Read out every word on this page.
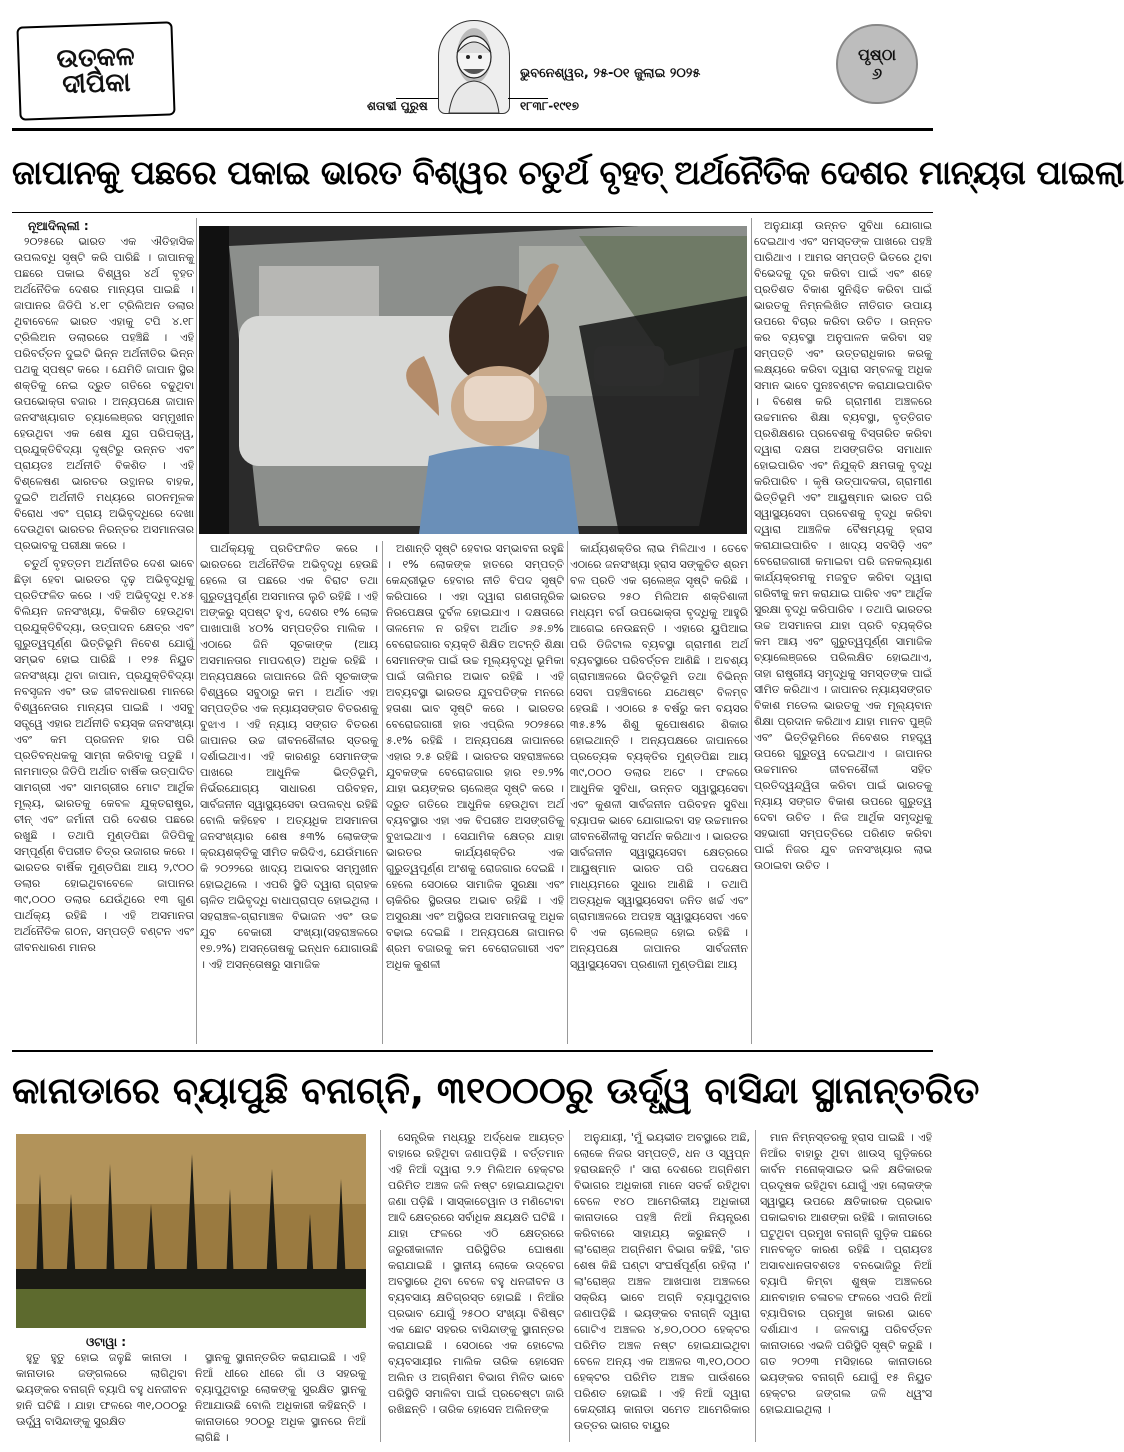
ଉତ୍କଳ ଦୀପିକା	ଭୁବନେଶ୍ୱର, ୨୫-୦୧ ଜୁଲାଇ ୨୦୨୫
ଶତାବ୍ଦୀ ପୁରୁଷ	୧୮୩୮-୧୯୧୭
ପୃଷ୍ଠା
୬
ଜାପାନକୁ ପଛରେ ପକାଇ ଭାରତ ବିଶ୍ୱର ଚତୁର୍ଥ ବୃହତ୍ ଅର୍ଥନୈତିକ ଦେଶର ମାନ୍ୟତା ପାଇଲା
ନୂଆଦିଲ୍ଲୀ :

୨୦୨୫ରେ ଭାରତ ଏକ ଐତିହାସିକ ଉପଲବ୍ଧି ସୃଷ୍ଟି କରି ପାରିଛି । ଜାପାନକୁ ପଛରେ ପକାଇ ବିଶ୍ୱର ୪ର୍ଥ ବୃହତ ଅର୍ଥନୈତିକ ଦେଶର ମାନ୍ୟତା ପାଇଛି । ଜାପାନର ଜିଡିପି ୪.୧୮ ଟ୍ରିଲିଅନ ଡଲାର ଥିବାବେଳେ ଭାରତ ଏହାକୁ ଟପି ୪.୧୮ ଟ୍ରିଲିଅନ ଡଲାରରେ ପହଞ୍ଚିଛି । ଏହି ପରିବର୍ତ୍ତନ ଦୁଇଟି ଭିନ୍ନ ଅର୍ଥନୀତିର ଭିନ୍ନ ପଥକୁ ସ୍ପଷ୍ଟ କରେ । ଯେମିତି ଜାପାନ ସ୍ଥିର ଶକ୍ତିକୁ ନେଇ ଦ୍ରୁତ ଗତିରେ ବଢୁଥିବା ଉପଭୋକ୍ତା ବଜାର । ଅନ୍ୟପକ୍ଷେ ଜାପାନ ଜନସଂଖ୍ୟାଗତ ଚ୍ୟାଲେଞ୍ଜର ସମ୍ମୁଖୀନ ହେଉଥିବା ଏକ ଶେଷ ଯୁଗ ପରିପକ୍ୱ, ପ୍ରଯୁକ୍ତିବିଦ୍ୟା ଦୃଷ୍ଟିରୁ ଉନ୍ନତ ଏବଂ ପ୍ରାୟତଃ ଅର୍ଥନୀତି ବିକଶିତ । ଏହି ବିଶ୍ଳେଷଣ ଭାରତର ଉତ୍ଥାନର ବାହକ, ଦୁଇଟି ଅର୍ଥନୀତି ମଧ୍ୟରେ ଗଠନମୂଳକ ବିରୋଧ ଏବଂ ପ୍ରାୟ ଅଭିବୃଦ୍ଧିରେ ଦେଖା ଦେଉଥିବା ଭାରତର ନିରନ୍ତର ଅସମାନତାର ପ୍ରଭାବକୁ ପରୀକ୍ଷା କରେ ।

ଚତୁର୍ଥ ବୃହତ୍ତମ ଅର୍ଥନୀତିର ଦେଶ ଭାବେ ଛିଡ଼ା ହେବା ଭାରତର ଦୃଢ଼ ଅଭିବୃଦ୍ଧିକୁ ପ୍ରତିଫଳିତ କରେ । ଏହି ଅଭିବୃଦ୍ଧି ୧.୪୫ ବିଲିୟନ ଜନସଂଖ୍ୟା, ବିକଶିତ ହେଉଥିବା ପ୍ରଯୁକ୍ତିବିଦ୍ୟା, ଉତ୍ପାଦନ କ୍ଷେତ୍ର ଏବଂ ଗୁରୁତ୍ୱପୂର୍ଣ୍ଣ ଭିତ୍ତିଭୂମି ନିବେଶ ଯୋଗୁଁ ସମ୍ଭବ ହୋଇ ପାରିଛି । ୧୨୫ ନିୟୁତ ଜନସଂଖ୍ୟା ଥିବା ଜାପାନ, ପ୍ରଯୁକ୍ତିବିଦ୍ୟା ନବସୃଜନ ଏବଂ ଉଚ୍ଚ ଜୀବନଧାରଣ ମାନରେ ବିଶ୍ୱନେତାର ମାନ୍ୟତା ପାଇଛି । ଏସବୁ ସତ୍ତ୍ୱେ ଏହାର ଅର୍ଥନୀତି ବୟସ୍କ ଜନସଂଖ୍ୟା ଏବଂ କମ ପ୍ରଜନନ ହାର ପରି ପ୍ରତିବନ୍ଧକକୁ ସାମ୍ନା କରିବାକୁ ପଡୁଛି । ନାମମାତ୍ର ଜିଡିପି ଅର୍ଥାତ ବାର୍ଷିକ ଉତ୍ପାଦିତ ସାମଗ୍ରୀ ଏବଂ ସାମଗ୍ରୀର ମୋଟ ଆର୍ଥିକ ମୂଲ୍ୟ, ଭାରତକୁ କେବଳ ଯୁକ୍ତରାଷ୍ଟ୍ର, ଚୀନ୍ ଏବଂ ଜର୍ମାନୀ ପରି ଦେଶର ପଛରେ ରଖୁଛି । ତଥାପି ମୁଣ୍ଡପିଛା ଜିଡିପିକୁ ସମ୍ପୂର୍ଣ୍ଣ ବିପରୀତ ଚିତ୍ର ଉଜାଗର କରେ । ଭାରତର ବାର୍ଷିକ ମୁଣ୍ଡପିଛା ଆୟ ୨,୯୦୦ ଡଲାର ହୋଇଥିବାବେଳେ ଜାପାନର ୩୯,୦୦୦ ଡଲାର ଯେଉଁଥିରେ ୧୩ ଗୁଣ ପାର୍ଥକ୍ୟ ରହିଛି । ଏହି ଅସମାନତା ଅର୍ଥନୈତିକ ଗଠନ, ସମ୍ପତ୍ତି ବଣ୍ଟନ ଏବଂ ଜୀବନଧାରଣ ମାନର

ପାର୍ଥକ୍ୟକୁ ପ୍ରତିଫଳିତ କରେ । ଭାରତରେ ଅର୍ଥନୈତିକ ଅଭିବୃଦ୍ଧି ହେଉଛି ହେଲେ ତା ପଛରେ ଏକ ବିରାଟ ତଥା ଗୁରୁତ୍ୱପୂର୍ଣ୍ଣ ଅସମାନତା ଲୁଚି ରହିଛି । ଏହି ଅଙ୍କରୁ ସ୍ପଷ୍ଟ ହୁଏ, ଦେଶର ୧% ଲୋକ ପାଖାପାଖି ୪୦% ସମ୍ପତ୍ତିର ମାଲିକ । ଏଠାରେ ଜିନି ସୂଚକାଙ୍କ (ଆୟ ଅସମାନତାର ମାପଦଣ୍ଡ) ଅଧିକ ରହିଛି । ଅନ୍ୟପକ୍ଷରେ ଜାପାନରେ ଜିନି ସୂଚକାଙ୍କ ବିଶ୍ୱରେ ସବୁଠାରୁ କମ । ଅର୍ଥାତ ଏହା ସମ୍ପତ୍ତିର ଏକ ନ୍ୟାୟସଙ୍ଗତ ବିତରଣକୁ ବୁଝାଏ । ଏହି ନ୍ୟାୟ ସଙ୍ଗତ ବିତରଣ ଜାପାନର ଉଚ୍ଚ ଜୀବନଶୈଳୀର ସ୍ତରକୁ ଦର୍ଶାଇଥାଏ। ଏହି କାରଣରୁ ସେମାନଙ୍କ ପାଖରେ ଆଧୁନିକ ଭିତ୍ତିଭୂମି, ନିର୍ଭରଯୋଗ୍ୟ ସାଧାରଣ ପରିବହନ, ସାର୍ବଜନୀନ ସ୍ୱାସ୍ଥ୍ୟସେବା ଉପଲବ୍ଧ ରହିଛି ବୋଲି କହିହେବ । ଅତ୍ୟଧିକ ଅସମାନତା ଜନସଂଖ୍ୟାର ଶେଷ ୫୩% ଲୋକଙ୍କ କ୍ରୟଶକ୍ତିକୁ ସୀମିତ କରିଦିଏ, ଯେଉଁମାନେ କି ୨୦୨୨ରେ ଖାଦ୍ୟ ଅଭାବର ସମ୍ମୁଖୀନ ହୋଇଥିଲେ । ଏପରି ସ୍ଥିତି ଦ୍ୱାରା ଗ୍ରାହକ ଚାଳିତ ଅଭିବୃଦ୍ଧି ବାଧାପ୍ରାପ୍ତ ହୋଇଥିଲା । ସହରାଞ୍ଚଳ-ଗ୍ରାମାଞ୍ଚଳ ବିଭାଜନ ଏବଂ ଉଚ୍ଚ ଯୁବ ବେକାରୀ ସଂଖ୍ୟା(ସହରାଞ୍ଚଳରେ ୧୭.୨%) ଅସନ୍ତୋଷକୁ ଇନ୍ଧନ ଯୋଗାଉଛି । ଏହି ଅସନ୍ତୋଷରୁ ସାମାଜିକ

ଅଶାନ୍ତି ସୃଷ୍ଟି ହେବାର ସମ୍ଭାବନା ରହୁଛି । ୧% ଲୋକଙ୍କ ହାତରେ ସମ୍ପତ୍ତି କେନ୍ଦ୍ରୀଭୂତ ହେବାର ନୀତି ବିପଦ ସୃଷ୍ଟି କରିପାରେ । ଏହା ଦ୍ୱାରା ଗଣତାନ୍ତ୍ରିକ ନିରପେକ୍ଷତା ଦୁର୍ବଳ ହୋଇଯାଏ । ଦକ୍ଷତାରେ ତାଳମେଳ ନ ରହିବା ଅର୍ଥାତ ୬୫.୭% ବେରୋଜଗାର ବ୍ୟକ୍ତି ଶିକ୍ଷିତ ଅଟନ୍ତି ଶିକ୍ଷା ସେମାନଙ୍କ ପାଇଁ ଉଚ୍ଚ ମୂଲ୍ୟବୃଦ୍ଧି ଭୂମିକା ପାଇଁ ତାଲିମର ଅଭାବ ରହିଛି । ଏହି ଅବ୍ୟବସ୍ଥା ଭାରତର ଯୁବପତିଙ୍କ ମନରେ ହତାଶା ଭାବ ସୃଷ୍ଟି କରେ । ଭାରତର ବେରୋଜଗାରୀ ହାର ଏପ୍ରିଲ ୨୦୨୫ରେ ୫.୧% ରହିଛି । ଅନ୍ୟପକ୍ଷେ ଜାପାନରେ ଏହାର ୨.୫ ରହିଛି । ଭାରତର ସହରାଞ୍ଚଳରେ ଯୁବକଙ୍କ ବେରୋଜଗାର ହାର ୧୭.୨% ଯାହା ଭୟଙ୍କର ଚାଲେଞ୍ଜ ସୃଷ୍ଟି କରେ । ଦ୍ରୁତ ଗତିରେ ଆଧୁନିକ ହେଉଥିବା ଅର୍ଥ ବ୍ୟବସ୍ଥାର ଏହା ଏକ ବିପରୀତ ଅସଙ୍ଗତିକୁ ବୁଝାଇଥାଏ । ସେଯାମିକ କ୍ଷେତ୍ର ଯାହା ଭାରତର କାର୍ଯ୍ୟଶକ୍ତିର ଏକ ଗୁରୁତ୍ୱପୂର୍ଣ୍ଣ ଅଂଶକୁ ରୋଜଗାର ଦେଇଛି । ହେଲେ ସେଠାରେ ସାମାଜିକ ସୁରକ୍ଷା ଏବଂ ଚାକିରିର ସ୍ଥିରତାର ଅଭାବ ରହିଛି । ଏହି ଅସୁରକ୍ଷା ଏବଂ ଅସ୍ଥିରତା ଅସମାନତାକୁ ଅଧିକ ବଢାଇ ଦେଇଛି । ଅନ୍ୟପକ୍ଷେ ଜାପାନର ଶ୍ରମ ବଜାରକୁ କମ ବେରୋଜଗାରୀ ଏବଂ ଅଧିକ କୁଶଳୀ

କାର୍ଯ୍ୟଶକ୍ତିର ଲାଭ ମିଳିଥାଏ । ତେବେ ଏଠାରେ ଜନସଂଖ୍ୟା ହ୍ରାସ ସଙ୍କୁଚିତ ଶ୍ରମ ବଳ ପ୍ରତି ଏକ ଚାଲେଞ୍ଜ ସୃଷ୍ଟି କରିଛି । ଭାରତର ୨୫୦ ମିଲିଅନ ଶକ୍ତିଶାଳୀ ମଧ୍ୟମ ବର୍ଗ ଉପଭୋକ୍ତା ବୃଦ୍ଧିକୁ ଆହୁରି ଆଗେଇ ନେଉଛନ୍ତି । ଏହାରେ ୟୁପିଆଇ ପରି ଡିଜିଟାଲ ବ୍ୟବସ୍ଥା ଗ୍ରାମୀଣ ଅର୍ଥ ବ୍ୟବସ୍ଥାରେ ପରିବର୍ତ୍ତନ ଆଣିଛି । ଅବଶ୍ୟ ଗ୍ରାମାଞ୍ଚଳରେ ଭିତ୍ତିଭୂମି ତଥା ବିଭିନ୍ନ ସେବା ପହଞ୍ଚିବାରେ ଯଥେଷ୍ଟ ବିଳମ୍ବ ହେଉଛି । ଏଠାରେ ୫ ବର୍ଷରୁ କମ ବୟସର ୩୫.୫% ଶିଶୁ କୁପୋଷଣର ଶିକାର ହୋଇଥାନ୍ତି । ଅନ୍ୟପକ୍ଷରେ ଜାପାନରେ ପ୍ରତ୍ୟେକ ବ୍ୟକ୍ତିର ମୁଣ୍ଡପିଛା ଆୟ ୩୯,୦୦୦ ଡଲାର ଅଟେ । ଫଳରେ ଆଧୁନିକ ସୁବିଧା, ଉନ୍ନତ ସ୍ୱାସ୍ଥ୍ୟସେବା ଏବଂ କୁଶଳୀ ସାର୍ବଜନୀନ ପରିବହନ ସୁବିଧା ବ୍ୟାପକ ଭାବେ ଯୋଗାଇବା ସହ ଉଚ୍ଚମାନର ଜୀବନଶୈଳୀକୁ ସମର୍ଥନ କରିଥାଏ । ଭାରତର ସାର୍ବଜନୀନ ସ୍ୱାସ୍ଥ୍ୟସେବା କ୍ଷେତ୍ରରେ ଆୟୁଷ୍ମାନ ଭାରତ ପରି ପଦକ୍ଷେପ ମାଧ୍ୟମରେ ସୁଧାର ଆଣିଛି । ତଥାପି ଅତ୍ୟଧିକ ସ୍ୱାସ୍ଥ୍ୟସେବା ଜନିତ ଖର୍ଚ୍ଚ ଏବଂ ଗ୍ରାମାଞ୍ଚଳରେ ଅପହଞ୍ଚ ସ୍ୱାସ୍ଥ୍ୟସେବା ଏବେ ବି ଏକ ଚାଲେଞ୍ଜ ହୋଇ ରହିଛି । ଅନ୍ୟପକ୍ଷେ ଜାପାନର ସାର୍ବଜନୀନ ସ୍ୱାସ୍ଥ୍ୟସେବା ପ୍ରଣାଳୀ ମୁଣ୍ଡପିଛା ଆୟ

ଅନୁଯାୟୀ ଉନ୍ନତ ସୁବିଧା ଯୋଗାଇ ଦେଇଥାଏ ଏବଂ ସମସ୍ତଙ୍କ ପାଖରେ ପହଞ୍ଚି ପାରିଥାଏ । ଆମର ସମ୍ପତ୍ତି ଭିତରେ ଥିବା ବିଭେଦକୁ ଦୂର କରିବା ପାଇଁ ଏବଂ ଶହେ ପ୍ରତିଶତ ବିକାଶ ସୁନିଶ୍ଚିତ କରିବା ପାଇଁ ଭାରତକୁ ନିମ୍ନଲିଖିତ ନୀତିଗତ ଉପାୟ ଉପରେ ବିଚାର କରିବା ଉଚିତ । ଉନ୍ନତ କର ବ୍ୟବସ୍ଥା ଅନୁପାଳନ କରିବା ସହ ସମ୍ପତ୍ତି ଏବଂ ଉତ୍ତରାଧିକାର କରକୁ ଲକ୍ଷ୍ୟରେ କରିବା ଦ୍ୱାରା ସମ୍ବଳକୁ ଅଧିକ ସମାନ ଭାବେ ପୁନଃବଣ୍ଟନ କରାଯାଇପାରିବ । ବିଶେଷ କରି ଗ୍ରାମୀଣ ଅଞ୍ଚଳରେ ଉଚ୍ଚମାନର ଶିକ୍ଷା ବ୍ୟବସ୍ଥା, ବୃତ୍ତିଗତ ପ୍ରଶିକ୍ଷଣର ପ୍ରବେଶକୁ ବିସ୍ତାରିତ କରିବା ଦ୍ୱାରା ଦକ୍ଷତା ଅସଙ୍ଗତିର ସମାଧାନ ହୋଇପାରିବ ଏବଂ ନିଯୁକ୍ତି କ୍ଷମତାକୁ ବୃଦ୍ଧି କରିପାରିବ । କୃଷି ଉତ୍ପାଦକତା, ଗ୍ରାମୀଣ ଭିତ୍ତିଭୂମି ଏବଂ ଆୟୁଷ୍ମାନ ଭାରତ ପରି ସ୍ୱାସ୍ଥ୍ୟସେବା ପ୍ରବେଶକୁ ବୃଦ୍ଧି କରିବା ଦ୍ୱାରା ଆଞ୍ଚଳିକ ବୈଷମ୍ୟକୁ ହ୍ରାସ କରାଯାଇପାରିବ । ଖାଦ୍ୟ ସବସିଡ଼ି ଏବଂ ବେରୋଜଗାରୀ କମାଇବା ପରି ଜନକଲ୍ୟାଣ କାର୍ଯ୍ୟକ୍ରମକୁ ମଜବୁତ କରିବା ଦ୍ୱାରା ଗରିବୀକୁ କମ କରାଯାଇ ପାରିବ ଏବଂ ଆର୍ଥିକ ସୁରକ୍ଷା ବୃଦ୍ଧି କରିପାରିବ । ତଥାପି ଭାରତର ଉଚ୍ଚ ଅସମାନତା ଯାହା ପ୍ରତି ବ୍ୟକ୍ତିର କମ ଆୟ ଏବଂ ଗୁରୁତ୍ୱପୂର୍ଣ୍ଣ ସାମାଜିକ ଚ୍ୟାଲେଞ୍ଜରେ ପରିଲକ୍ଷିତ ହୋଇଥାଏ, ତାହା ରାଷ୍ଟ୍ରୀୟ ସମୃଦ୍ଧିକୁ ସମସ୍ତଙ୍କ ପାଇଁ ସୀମିତ କରିଥାଏ । ଜାପାନର ନ୍ୟାୟସଙ୍ଗତ ବିକାଶ ମଡେଲ ଭାରତକୁ ଏକ ମୂଲ୍ୟବାନ ଶିକ୍ଷା ପ୍ରଦାନ କରିଥାଏ ଯାହା ମାନବ ପୁଞ୍ଜି ଏବଂ ଭିତ୍ତିଭୂମିରେ ନିବେଶର ମହତ୍ତ୍ୱ ଉପରେ ଗୁରୁତ୍ୱ ଦେଇଥାଏ । ଜାପାନର ଉଚ୍ଚମାନର ଜୀବନଶୈଳୀ ସହିତ ପ୍ରତିଦ୍ୱନ୍ଦ୍ୱିତା କରିବା ପାଇଁ ଭାରତକୁ ନ୍ୟାୟ ସଙ୍ଗତ ବିକାଶ ଉପରେ ଗୁରୁତ୍ୱ ଦେବା ଉଚିତ । ନିଜ ଆର୍ଥିକ ସମୃଦ୍ଧିକୁ ସହଭାଗୀ ସମ୍ପତ୍ତିରେ ପରିଣତ କରିବା ପାଇଁ ନିଜର ଯୁବ ଜନସଂଖ୍ୟାର ଲାଭ ଉଠାଇବା ଉଚିତ ।

କାନାଡାରେ ବ୍ୟାପୁଛି ବନାଗ୍ନି, ୩୧୦୦୦ରୁ ଊର୍ଦ୍ଧ୍ୱ ବାସିନ୍ଦା ସ୍ଥାନାନ୍ତରିତ
ଓଟାୱା :

ହୁତୁ ହୁତୁ ହୋଇ ଜଳୁଛି କାନାଡା । କାନାଡାର ଜଙ୍ଗଲରେ ଲାଗିଥିବା ଭୟଙ୍କର ବନାଗ୍ନି ବ୍ୟାପି ବହୁ ଧନଜୀବନ ହାନି ଘଟିଛି । ଯାହା ଫଳରେ ୩୧,୦୦୦ରୁ ଊର୍ଦ୍ଧ୍ୱ ବାସିନ୍ଦାଙ୍କୁ ସୁରକ୍ଷିତ

ସ୍ଥାନକୁ ସ୍ଥାନାନ୍ତରିତ କରାଯାଇଛି । ଏହି ନିଆଁ ଧୀରେ ଧୀରେ ଗାଁ ଓ ସହରକୁ ବ୍ୟାପୁଥିବାରୁ ଲୋକଙ୍କୁ ସୁରକ୍ଷିତ ସ୍ଥାନକୁ ନିଆଯାଉଛି ବୋଲି ଅଧିକାରୀ କହିଛନ୍ତି । କାନାଡାରେ ୨୦୦ରୁ ଅଧିକ ସ୍ଥାନରେ ନିଆଁ ଲାଗିଛି ।

ସେନ୍ତ୍ରିକ ମଧ୍ୟରୁ ଅର୍ଦ୍ଧେକ ଆୟତ୍ତ ବାହାରେ ରହିଥିବା ଜଣାପଡ଼ିଛି । ବର୍ତ୍ତମାନ ଏହି ନିଆଁ ଦ୍ୱାରା ୨.୨ ମିଲିଅନ ହେକ୍ଟର ପରିମିତ ଅଞ୍ଚଳ ଜଳି ନଷ୍ଟ ହୋଇଯାଇଥିବା ଜଣା ପଡ଼ିଛି । ସାସ୍କାଚେୱାନ ଓ ମଣିଟୋବା ଆଦି କ୍ଷେତ୍ରରେ ସର୍ବାଧିକ କ୍ଷୟକ୍ଷତି ଘଟିଛି । ଯାହା ଫଳରେ ଏଠି କ୍ଷେତ୍ରରେ ଜରୁରୀକାଳୀନ ପରିସ୍ଥିତିର ଘୋଷଣା କରାଯାଇଛି । ସ୍ଥାନୀୟ ଲୋକେ ଉଦ୍‌ବେଗ ଅବସ୍ଥାରେ ଥିବା ବେଳେ ବହୁ ଧନଜୀବନ ଓ ବ୍ୟବସାୟ କ୍ଷତିଗ୍ରସ୍ତ ହୋଇଛି । ନିଆଁର ପ୍ରଭାବ ଯୋଗୁଁ ୨୫୦୦ ସଂଖ୍ୟା ବିଶିଷ୍ଟ ଏକ ଛୋଟ ସହରର ବାସିନ୍ଦାଙ୍କୁ ସ୍ଥାନାନ୍ତର କରାଯାଇଛି । ସେଠାରେ ଏକ ହୋଟେଲ ବ୍ୟବସାୟୀର ମାଲିକ ତାରିକ ହୋସେନ ଅଲିନ ଓ ଅଗ୍ନିଶମ ବିଭାଗ ମିଳିତ ଭାବେ ପରିସ୍ଥିତି ସମାଳିବା ପାଇଁ ପ୍ରଚେଷ୍ଟା ଜାରି ରଖିଛନ୍ତି । ତାରିକ ହୋସେନ ଅଲିନଙ୍କ

ଅନୁଯାୟୀ, 'ମୁଁ ଭୟଭୀତ ଅବସ୍ଥାରେ ଅଛି, ଲୋକେ ନିଜର ସମ୍ପତ୍ତି, ଧନ ଓ ସ୍ୱପ୍ନ ହରାଉଛନ୍ତି ।' ସାରା ଦେଶରେ ଅଗ୍ନିଶମ ବିଭାଗର ଅଧିକାରୀ ମାନେ ସତର୍କ ରହିଥିବା ବେଳେ ୧୪୦ ଆମେରିକୀୟ ଅଧିକାରୀ କାନାଡାରେ ପହଞ୍ଚି ନିଆଁ ନିୟନ୍ତ୍ରଣ କରିବାରେ ସାହାଯ୍ୟ କରୁଛନ୍ତି । ଲା'ରୋଞ୍ଜ ଅଗ୍ନିଶମ ବିଭାଗ କହିଛି, 'ଗତ ଶେଷ କିଛି ଘଣ୍ଟା ସଂଘର୍ଷପୂର୍ଣ୍ଣ ରହିଲା ।' ଲା'ରୋଞ୍ଜ ଅଞ୍ଚଳ ଆଖପାଖ ଅଞ୍ଚଳରେ ସକ୍ରିୟ ଭାବେ ଅଗ୍ନି ବ୍ୟାପୁଥିବାର ଜଣାପଡ଼ିଛି । ଭୟଙ୍କର ବନାଗ୍ନି ଦ୍ୱାରା ଗୋଟିଏ ଅଞ୍ଚଳର ୪,୭୦,୦୦୦ ହେକ୍ଟର ପରିମିତ ଅଞ୍ଚଳ ନଷ୍ଟ ହୋଇଯାଇଥିବା ବେଳେ ଅନ୍ୟ ଏକ ଅଞ୍ଚଳର ୩,୧୦,୦୦୦ ହେକ୍ଟର ପରିମିତ ଅଞ୍ଚଳ ପାଉଁଶରେ ପରିଣତ ହୋଇଛି । ଏହି ନିଆଁ ଦ୍ୱାରା କେନ୍ଦ୍ରୀୟ କାନାଡା ସମେତ ଆମେରିକାର ଉତ୍ତର ଭାଗର ବାୟୁର

ମାନ ନିମ୍ନସ୍ତରକୁ ହ୍ରାସ ପାଇଛି । ଏହି ନିଆଁର ବାହାରୁ ଥିବା ଖାଉସ୍ ଗୁଡ଼ିକରେ କାର୍ବନ ମନୋକ୍ସାଇଡ ଭଳି କ୍ଷତିକାରକ ପ୍ରଦୂଷକ ରହିଥିବା ଯୋଗୁଁ ଏହା ଲୋକଙ୍କ ସ୍ୱାସ୍ଥ୍ୟ ଉପରେ କ୍ଷତିକାରକ ପ୍ରଭାବ ପକାଇବାର ଆଶଙ୍କା ରହିଛି । କାନାଡାରେ ଘଟୁଥିବା ପ୍ରମୁଖ ବନାଗ୍ନି ଗୁଡ଼ିକ ପଛରେ ମାନବକୃତ କାରଣ ରହିଛି । ପ୍ରାୟତଃ ଅସାବଧାନତାବଶତଃ ବନଭୋଜିରୁ ନିଆଁ ବ୍ୟାପି କିମ୍ବା ଶୁଷ୍କ ଅଞ୍ଚଳରେ ଯାନବାହାନ ଚଳାଚଳ ଫଳରେ ଏପରି ନିଆଁ ବ୍ୟାପିବାର ପ୍ରମୁଖ କାରଣ ଭାବେ ଦର୍ଶାଯାଏ । ଜଳବାୟୁ ପରିବର୍ତ୍ତନ କାନାଡାରେ ଏଭଳି ପରିସ୍ଥିତି ସୃଷ୍ଟି କରୁଛି । ଗତ ୨୦୨୩ ମସିହାରେ କାନାଡାରେ ଭୟଙ୍କର ବନାଗ୍ନି ଯୋଗୁଁ ୧୫ ନିୟୁତ ହେକ୍ଟର ଜଙ୍ଗଲ ଜଳି ଧ୍ୱଂସ ହୋଇଯାଇଥିଲା ।
